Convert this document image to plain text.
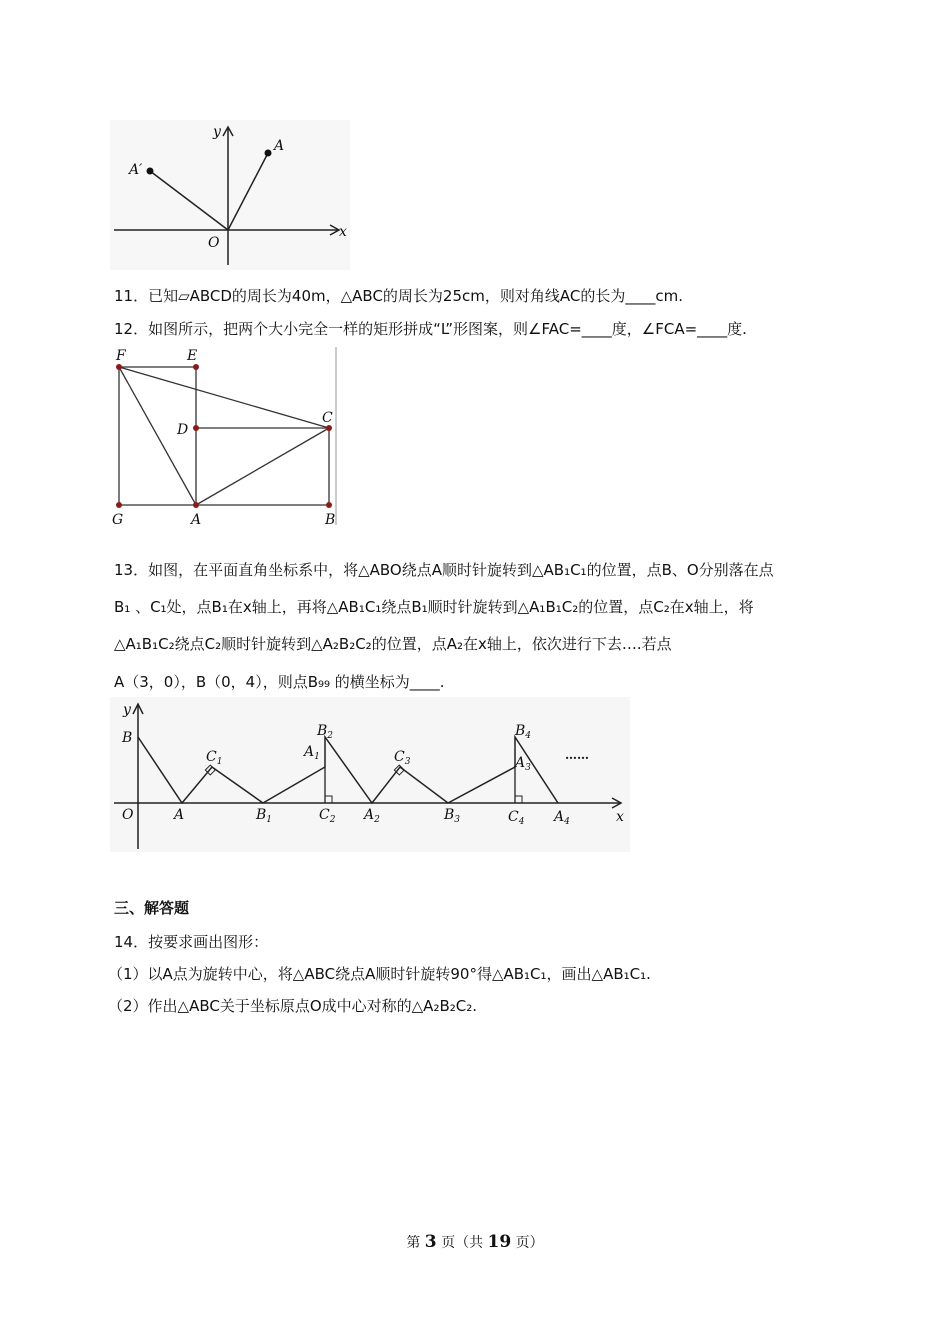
y
x
O
A
A′
11．已知▱ABCD的周长为40m，△ABC的周长为25cm，则对角线AC的长为____cm.
12．如图所示，把两个大小完全一样的矩形拼成“L”形图案，则∠FAC=____度，∠FCA=____度.
F	E
D
C
G	A	B
13．如图，在平面直角坐标系中，将△ABO绕点A顺时针旋转到△AB₁C₁的位置，点B、O分别落在点
B₁ 、C₁处，点B₁在x轴上，再将△AB₁C₁绕点B₁顺时针旋转到△A₁B₁C₂的位置，点C₂在x轴上，将
△A₁B₁C₂绕点C₂顺时针旋转到△A₂B₂C₂的位置，点A₂在x轴上，依次进行下去….若点
A（3，0），B（0，4），则点B₉₉ 的横坐标为____.
y
x
O
B
A
$C_1$
$B_1$
$A_1$
$B_2$
$C_2$ $A_2$
$C_3$
$B_3$
$B_4$
$A_3$
$C_4$ $A_4$
……
三、解答题
14．按要求画出图形：
（1）以A点为旋转中心，将△ABC绕点A顺时针旋转90°得△AB₁C₁，画出△AB₁C₁.
（2）作出△ABC关于坐标原点O成中心对称的△A₂B₂C₂.
第 3 页（共 19 页）
